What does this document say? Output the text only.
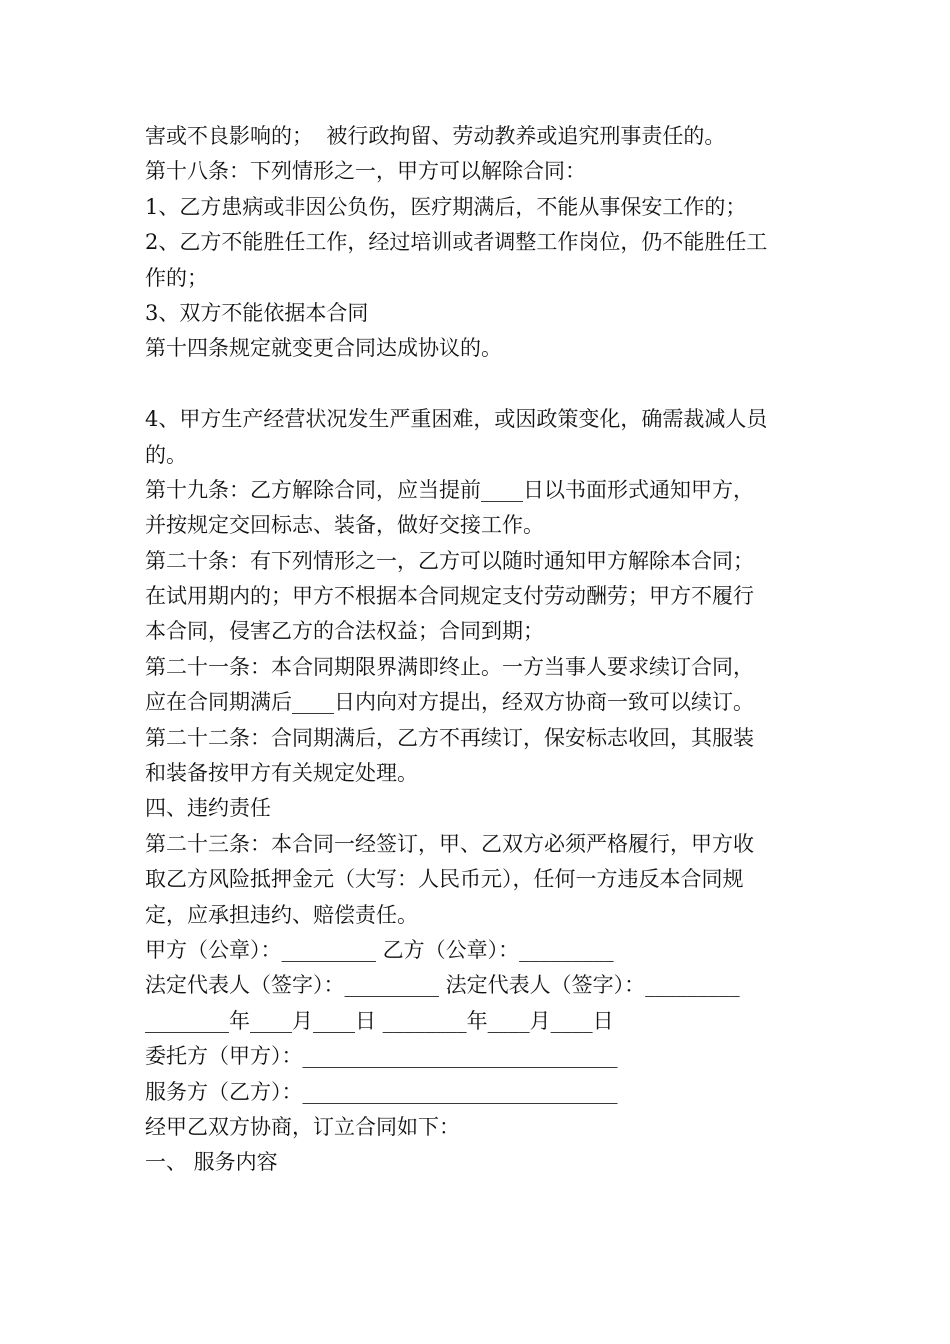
害或不良影响的；  被行政拘留、劳动教养或追究刑事责任的。
第十八条：下列情形之一，甲方可以解除合同：
1、乙方患病或非因公负伤，医疗期满后，不能从事保安工作的；
2、乙方不能胜任工作，经过培训或者调整工作岗位，仍不能胜任工
作的；
3、双方不能依据本合同
第十四条规定就变更合同达成协议的。
4、甲方生产经营状况发生严重困难，或因政策变化，确需裁减人员
的。
第十九条：乙方解除合同，应当提前____日以书面形式通知甲方，
并按规定交回标志、装备，做好交接工作。
第二十条：有下列情形之一，乙方可以随时通知甲方解除本合同；
在试用期内的；甲方不根据本合同规定支付劳动酬劳；甲方不履行
本合同，侵害乙方的合法权益；合同到期；
第二十一条：本合同期限界满即终止。一方当事人要求续订合同，
应在合同期满后____日内向对方提出，经双方协商一致可以续订。
第二十二条：合同期满后，乙方不再续订，保安标志收回，其服装
和装备按甲方有关规定处理。
四、违约责任
第二十三条：本合同一经签订，甲、乙双方必须严格履行，甲方收
取乙方风险抵押金元（大写：人民币元），任何一方违反本合同规
定，应承担违约、赔偿责任。
甲方（公章）：_________ 乙方（公章）：_________
法定代表人（签字）：_________ 法定代表人（签字）：_________
________年____月____日 ________年____月____日
委托方（甲方）：______________________________
服务方（乙方）：______________________________
经甲乙双方协商，订立合同如下：
一、 服务内容
